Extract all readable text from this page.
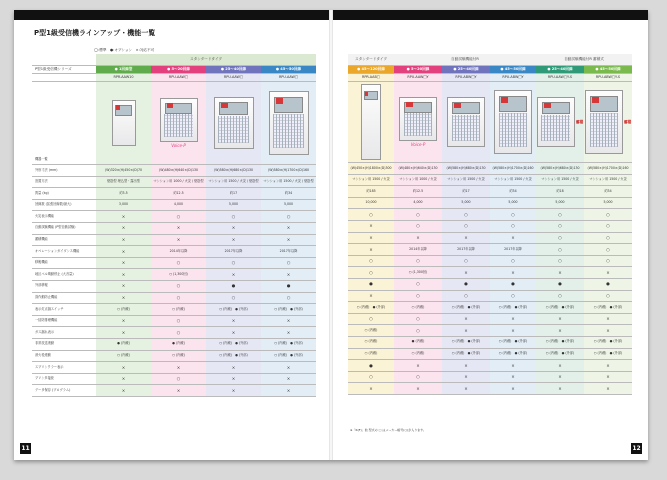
P型1級受信機ラインアップ・機能一覧
◯:標準　●:オプション　×:対応不可
	スタンダードタイプ			
P型1級受信機シリーズ	● 1回線型	● 5～20回線	● 25～40回線	● 45～50回線
	RPR-AAW10	RPU-AAW□	RPU-AAW□	RPU-AAW□
機器一覧		Voice-P		

外形寸法 (mm)	(W)320×(H)450×(D)70	(W)480×(H)640×(D)130	(W)580×(H)680×(D)130	(W)580×(H)1700×(D)160
設置方法	壁掛型 埋込型・露出型	マンション用 1000 / 火災 / 壁掛型	マンション用 1500 / 火災 / 壁掛型	マンション用 1500 / 火災 / 壁掛型
質量 (kg)	約3.5	約12.5	約17	約34
回線数 (拡張回線数/最大)	3,000	4,000	5,000	5,000
火災表示機能	×	○	○	○
自動試験機能 (P型自動試験)	×	×	×	×
蓄積機能	×	×	×	×
オペレーションガイダンス機能	×	2014年以降	2017年以降	2017年以降
移報機能	×	○	○	○
地区ベル鳴動停止 (大音量)	×	○ (1,300回)	×	×
外部移報	×	○	●	●
誤作動防止機能	×	○	○	○
表示灯点滅スイッチ	○ (内蔵)	○ (内蔵)	○ (内蔵)　● (外部)	○ (内蔵)　● (外部)
一括防排煙機能	×	○	×	×
ガス漏れ表示	×	○	×	×
非常放送連動	● (内蔵)	● (内蔵)	○ (内蔵)　● (外部)	○ (内蔵)　● (外部)
消火栓連動	○ (内蔵)	○ (内蔵)	○ (内蔵)　● (外部)	○ (内蔵)　● (外部)
スプリンクラー表示	×	×	×	×
プリンタ接続	×	○	×	×
データ保存 (プログラム)	×	×	×	×
スタンダードタイプ	自動試験機能付R			自動試験機能付R 蓄積式	
● 45～120回線	● 5～20回線	● 25～40回線	● 45～50回線	● 25～40回線	● 45～50回線
RPR-AAB□	RPU-AAW□Y	RPU-ABW□Y	RPU-ABW□Y	RPU-AAW□Y-S	RPU-ABW□Y-S

	Voice-P			蓄積	蓄積
(W)450×(H)1800×(D)300	(W)480×(H)640×(D)130	(W)580×(H)680×(D)130	(W)580×(H)1700×(D)160	(W)580×(H)680×(D)130	(W)580×(H)1700×(D)160
マンション用 1500 / 火災	マンション用 1000 / 火災	マンション用 1500 / 火災	マンション用 1500 / 火災	マンション用 1500 / 火災	マンション用 1500 / 火災
約185	約12.5	約17	約34	約18	約34
10,000	4,000	5,000	5,000	5,000	5,000
○	○	○	○	○	○
×	○	○	○	○	○
×	×	×	×	○	○
×	2014年以降	2017年以降	2017年以降	○	○
○	○	○	○	○	○
○	○ (1,300回)	×	×	×	×
●	○	●	●	●	●
×	○	○	○	○	○
○ (内蔵)　● (外部)	○ (内蔵)	○ (内蔵)　● (外部)	○ (内蔵)　● (外部)	○ (内蔵)　● (外部)	○ (内蔵)　● (外部)
○	○	×	×	×	×
○ (内蔵)	○	×	×	×	×
○ (内蔵)	● (内蔵)	○ (内蔵)　● (外部)	○ (内蔵)　● (外部)	○ (内蔵)　● (外部)	○ (内蔵)　● (外部)
○ (内蔵)	○ (内蔵)	○ (内蔵)　● (外部)	○ (内蔵)　● (外部)	○ (内蔵)　● (外部)	○ (内蔵)　● (外部)
●	×	×	×	×	×
○	○	×	×	×	×
×	×	×	×	×	×
※「R(F)」他 型式の □ はメーカー略号(○)が入ります。
11	12
